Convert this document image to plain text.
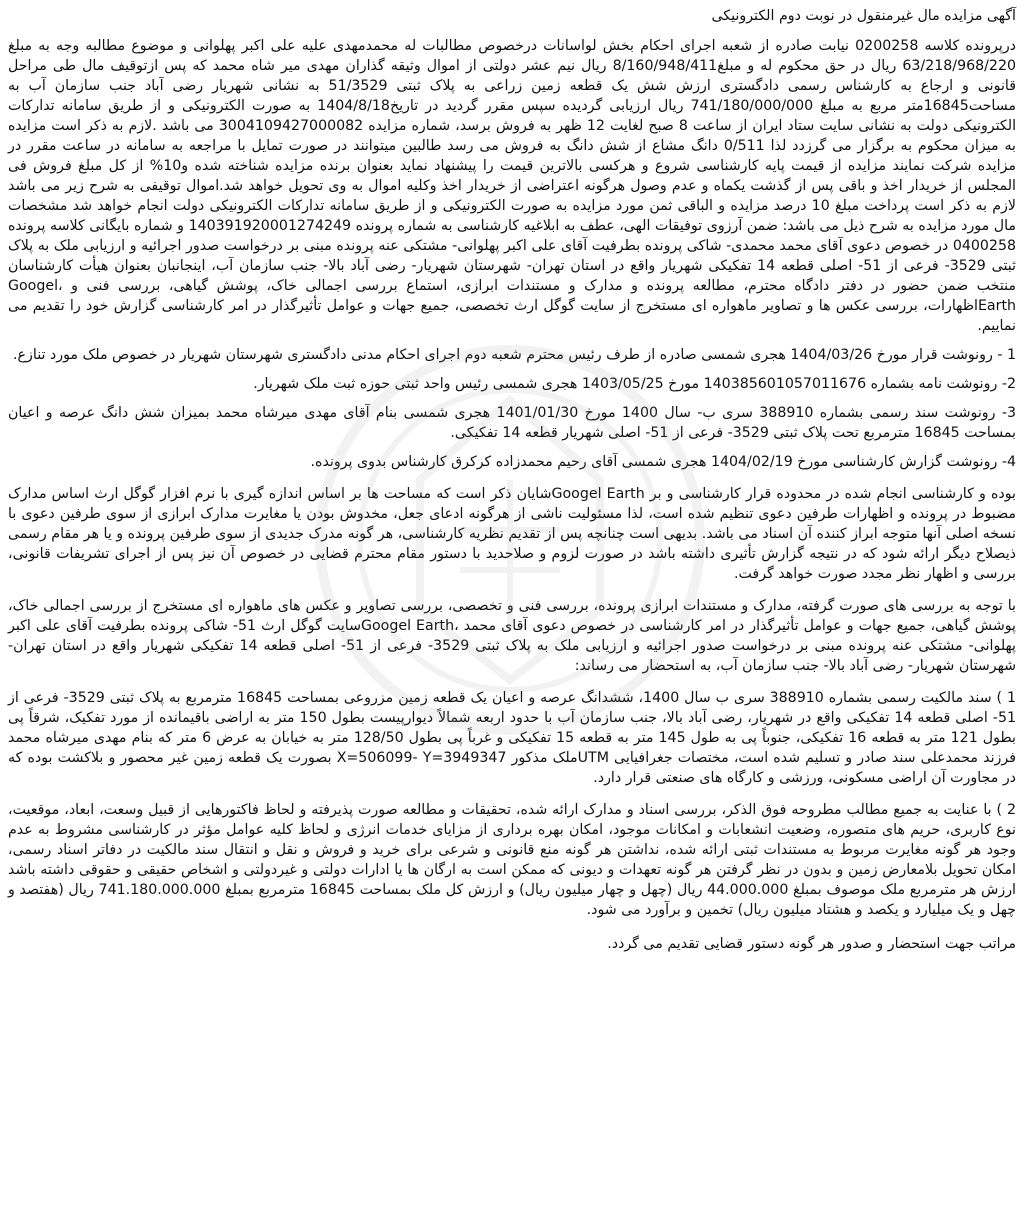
آگهی مزایده مال غیرمنقول در نوبت دوم الکترونیکی

درپرونده کلاسه 0200258 نیابت صادره از شعبه اجرای احکام بخش لواسانات درخصوص مطالبات له محمدمهدی علیه علی اکبر پهلوانی و موضوع مطالبه وجه به مبلغ 63/218/968/220 ریال در حق محکوم له و مبلغ8/160/948/411 ریال نیم عشر دولتی از اموال وثیقه گذاران مهدی میر شاه محمد که پس ازتوقیف مال طی مراحل قانونی و ارجاع به کارشناس رسمی دادگستری ارزش شش یک قطعه زمین زراعی به پلاک ثبتی 51/3529 به نشانی شهریار رضی آباد جنب سازمان آب به مساحت16845متر مربع به مبلغ 741/180/000/000 ریال ارزیابی گردیده سپس مقرر گردید در تاریخ1404/8/18 به صورت الکترونیکی و از طریق سامانه تدارکات الکترونیکی دولت به نشانی سایت ستاد ایران از ساعت 8 صبح لغایت 12 ظهر به فروش برسد، شماره مزایده 3004109427000082 می باشد .لازم به ذکر است مزایده به میزان محکوم به برگزار می گرزدد لذا 0/511 دانگ مشاع از شش دانگ به فروش می رسد طالبین میتوانند در صورت تمایل با مراجعه به سامانه در ساعت مقرر در مزایده شرکت نمایند مزایده از قیمت پایه کارشناسی شروع و هرکسی بالاترین قیمت را پیشنهاد نماید بعنوان برنده مزایده شناخته شده و10% از کل مبلغ فروش فی المجلس از خریدار اخذ و باقی پس از گذشت یکماه و عدم وصول هرگونه اعتراضی از خریدار اخذ وکلیه اموال به وی تحویل خواهد شد.اموال توقیفی به شرح زیر می باشد لازم به ذکر است پرداخت مبلغ 10 درصد مزایده و الباقی ثمن مورد مزایده به صورت الکترونیکی و از طریق سامانه تدارکات الکترونیکی دولت انجام خواهد شد مشخصات مال مورد مزایده به شرح ذیل می باشد: ضمن آرزوی توفیقات الهی، عطف به ابلاغیه کارشناسی به شماره پرونده 140391920001274249 و شماره بایگانی کلاسه پرونده 0400258 در خصوص دعوی آقای محمد محمدی- شاکی پرونده بطرفیت آقای علی اکبر پهلوانی- مشتکی عنه پرونده مبنی بر درخواست صدور اجرائیه و ارزیابی ملک به پلاک ثبتی 3529- فرعی از 51- اصلی قطعه 14 تفکیکی شهریار واقع در استان تهران- شهرستان شهریار- رضی آباد بالا- جنب سازمان آب، اینجانبان بعنوان هیأت کارشناسان منتخب ضمن حضور در دفتر دادگاه محترم، مطالعه پرونده و مدارک و مستندات ابرازی، استماع بررسی اجمالی خاک، پوشش گیاهی، بررسی فنی و ،Googel Earthاظهارات، بررسی عکس ها و تصاویر ماهواره ای مستخرج از سایت گوگل ارث تخصصی، جمیع جهات و عوامل تأثیرگذار در امر کارشناسی گزارش خود را تقدیم می نماییم.

1 - رونوشت قرار مورخ 1404/03/26 هجری شمسی صادره از طرف رئیس محترم شعبه دوم اجرای احکام مدنی دادگستری شهرستان شهریار در خصوص ملک مورد تنازع.

2- رونوشت نامه بشماره 140385601057011676 مورخ 1403/05/25 هجری شمسی رئیس واحد ثبتی حوزه ثبت ملک شهریار.

3- رونوشت سند رسمی بشماره 388910 سری ب- سال 1400 مورخ 1401/01/30 هجری شمسی بنام آقای مهدی میرشاه محمد بمیزان شش دانگ عرصه و اعیان بمساحت 16845 مترمربع تحت پلاک ثبتی 3529- فرعی از 51- اصلی شهریار قطعه 14 تفکیکی.

4- رونوشت گزارش کارشناسی مورخ 1404/02/19 هجری شمسی آقای رحیم محمدزاده کرکرق کارشناس بدوی پرونده.

بوده و کارشناسی انجام شده در محدوده قرار کارشناسی و بر Googel Earthشایان ذکر است که مساحت ها بر اساس اندازه گیری با نرم افزار گوگل ارث اساس مدارک مضبوط در پرونده و اظهارات طرفین دعوی تنظیم شده است، لذا مسئولیت ناشی از هرگونه ادعای جعل، مخدوش بودن یا مغایرت مدارک ابرازی از سوی طرفین دعوی با نسخه اصلی آنها متوجه ابراز کننده آن اسناد می باشد. بدیهی است چنانچه پس از تقدیم نظریه کارشناسی، هر گونه مدرک جدیدی از سوی طرفین پرونده و یا هر مقام رسمی ذیصلاح دیگر ارائه شود که در نتیجه گزارش تأثیری داشته باشد در صورت لزوم و صلاحدید با دستور مقام محترم قضایی در خصوص آن نیز پس از اجرای تشریفات قانونی، بررسی و اظهار نظر مجدد صورت خواهد گرفت.

با توجه به بررسی های صورت گرفته، مدارک و مستندات ابرازی پرونده، بررسی فنی و تخصصی، بررسی تصاویر و عکس های ماهواره ای مستخرج از بررسی اجمالی خاک، پوشش گیاهی، جمیع جهات و عوامل تأثیرگذار در امر کارشناسی در خصوص دعوی آقای محمد ،Googel Earthسایت گوگل ارث 51- شاکی پرونده بطرفیت آقای علی اکبر پهلوانی- مشتکی عنه پرونده مبنی بر درخواست صدور اجرائیه و ارزیابی ملک به پلاک ثبتی 3529- فرعی از 51- اصلی قطعه 14 تفکیکی شهریار واقع در استان تهران- شهرستان شهریار- رضی آباد بالا- جنب سازمان آب، به استحضار می رساند:

1 ) سند مالکیت رسمی بشماره 388910 سری ب سال 1400، ششدانگ عرصه و اعیان یک قطعه زمین مزروعی بمساحت 16845 مترمربع به پلاک ثبتی 3529- فرعی از 51- اصلی قطعه 14 تفکیکی واقع در شهریار، رضی آباد بالا، جنب سازمان آب با حدود اربعه شمالاً دیوارپیست بطول 150 متر به اراضی باقیمانده از مورد تفکیک، شرقاً پی بطول 121 متر به قطعه 16 تفکیکی، جنوباً پی به طول 145 متر به قطعه 15 تفکیکی و غرباً پی بطول 128/50 متر به خیابان به عرض 6 متر که بنام مهدی میرشاه محمد فرزند محمدعلی سند صادر و تسلیم شده است، مختصات جغرافیایی UTMملک مذکور X=506099- Y=3949347 بصورت یک قطعه زمین غیر محصور و بلاکشت بوده که در مجاورت آن اراضی مسکونی، ورزشی و کارگاه های صنعتی قرار دارد.

2 ) با عنایت به جمیع مطالب مطروحه فوق الذکر، بررسی اسناد و مدارک ارائه شده، تحقیقات و مطالعه صورت پذیرفته و لحاظ فاکتورهایی از قبیل وسعت، ابعاد، موقعیت، نوع کاربری، حریم های متصوره، وضعیت انشعابات و امکانات موجود، امکان بهره برداری از مزایای خدمات انرژی و لحاظ کلیه عوامل مؤثر در کارشناسی مشروط به عدم وجود هر گونه مغایرت مربوط به مستندات ثبتی ارائه شده، نداشتن هر گونه منع قانونی و شرعی برای خرید و فروش و نقل و انتقال سند مالکیت در دفاتر اسناد رسمی، امکان تحویل بلامعارض زمین و بدون در نظر گرفتن هر گونه تعهدات و دیونی که ممکن است به ارگان ها یا ادارات دولتی و غیردولتی و اشخاص حقیقی و حقوقی داشته باشد ارزش هر مترمربع ملک موصوف بمبلغ 44.000.000 ریال (چهل و چهار میلیون ریال) و ارزش کل ملک بمساحت 16845 مترمربع بمبلغ 741.180.000.000 ریال (هفتصد و چهل و یک میلیارد و یکصد و هشتاد میلیون ریال) تخمین و برآورد می شود.

مراتب جهت استحضار و صدور هر گونه دستور قضایی تقدیم می گردد.
